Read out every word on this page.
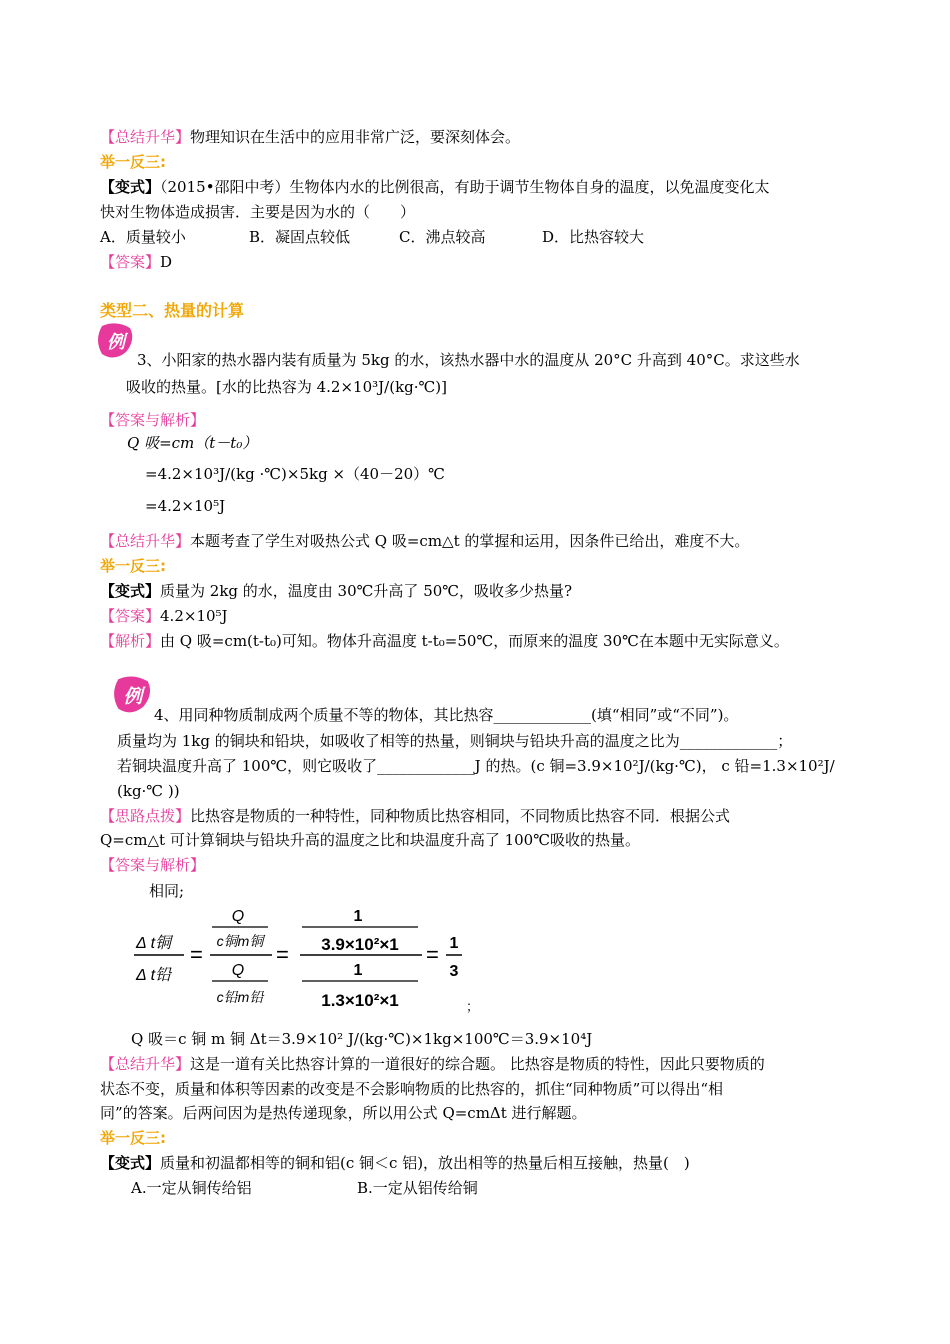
【总结升华】物理知识在生活中的应用非常广泛，要深刻体会。
举一反三:
【变式】（2015•邵阳中考）生物体内水的比例很高，有助于调节生物体自身的温度，以免温度变化太
快对生物体造成损害．主要是因为水的（　　）
A．质量较小	B．凝固点较低	C．沸点较高	D．比热容较大
【答案】D
类型二、热量的计算
例
3、小阳家的热水器内装有质量为 5kg 的水，该热水器中水的温度从 20°C 升高到 40°C。求这些水
吸收的热量。[水的比热容为 4.2×10³J/(kg·℃)]
【答案与解析】
Q 吸=cm（t－t₀）
=4.2×10³J/(kg ·℃)×5kg ×（40－20）℃
=4.2×10⁵J
【总结升华】本题考查了学生对吸热公式 Q 吸=cm△t 的掌握和运用，因条件已给出，难度不大。
举一反三:
【变式】质量为 2kg 的水，温度由 30℃升高了 50℃，吸收多少热量?
【答案】4.2×10⁵J
【解析】由 Q 吸=cm(t-t₀)可知。物体升高温度 t-t₀=50℃，而原来的温度 30℃在本题中无实际意义。
例
4、用同种物质制成两个质量不等的物体，其比热容_____________(填“相同”或“不同”)。
质量均为 1kg 的铜块和铅块，如吸收了相等的热量，则铜块与铅块升高的温度之比为_____________；
若铜块温度升高了 100℃，则它吸收了_____________J 的热。(c 铜=3.9×10²J/(kg·℃)， c 铅=1.3×10²J/
(kg·℃ ))
【思路点拨】比热容是物质的一种特性，同种物质比热容相同，不同物质比热容不同．根据公式
Q=cm△t 可计算铜块与铅块升高的温度之比和块温度升高了 100℃吸收的热量。
【答案与解析】
相同;
Δ t铜
Δ t铅
=
Q
c铜m铜
Q
c铅m铅
=
1
3.9×10²×1
1
1.3×10²×1
= 1
3
；
Q 吸＝c 铜 m 铜 Δt＝3.9×10² J/(kg·℃)×1kg×100℃＝3.9×10⁴J
【总结升华】这是一道有关比热容计算的一道很好的综合题。 比热容是物质的特性，因此只要物质的
状态不变，质量和体积等因素的改变是不会影响物质的比热容的，抓住“同种物质”可以得出“相
同”的答案。后两问因为是热传递现象，所以用公式 Q=cmΔt 进行解题。
举一反三:
【变式】质量和初温都相等的铜和铝(c 铜＜c 铝)，放出相等的热量后相互接触，热量(　)
A.一定从铜传给铝	B.一定从铝传给铜
